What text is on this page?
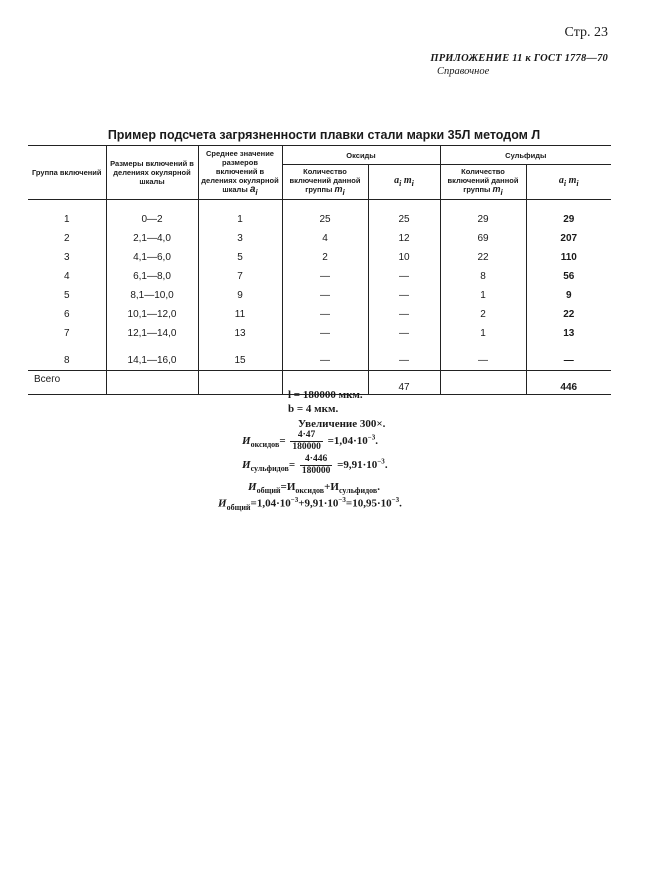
Стр. 23
ПРИЛОЖЕНИЕ 11 к ГОСТ 1778—70
Справочное
Пример подсчета загрязненности плавки стали марки 35Л методом Л
Группа включений	Размеры включений в делениях окулярной шкалы	Среднее значение размеров включений в делениях окулярной шкалы $a_i$	Оксиды		Сульфиды	
			Количество включений данной группы $m_i$	$a_i$ $m_i$	Количество включений данной группы $m_i$	$a_i$ $m_i$
1	0—2	1	25	25	29	29
2	2,1—4,0	3	4	12	69	207
3	4,1—6,0	5	2	10	22	110
4	6,1—8,0	7	—	—	8	56
5	8,1—10,0	9	—	—	1	9
6	10,1—12,0	11	—	—	2	22
7	12,1—14,0	13	—	—	1	13
8	14,1—16,0	15	—	—	—	—
Всего				47		446
l = 180000 мкм.
b = 4 мкм.
Увеличение 300×.
$И_{оксидов}= \frac{4\cdot 47}{180000} =1,04\cdot 10^{-3}$.
$И_{сульфидов}= \frac{4\cdot 446}{180000} =9,91\cdot 10^{-3}$.
$И_{общий}=И_{оксидов}+И_{сульфидов}$.
$И_{общий}=1,04\cdot 10^{-3}+9,91\cdot 10^{-3}=10,95\cdot 10^{-3}$.
